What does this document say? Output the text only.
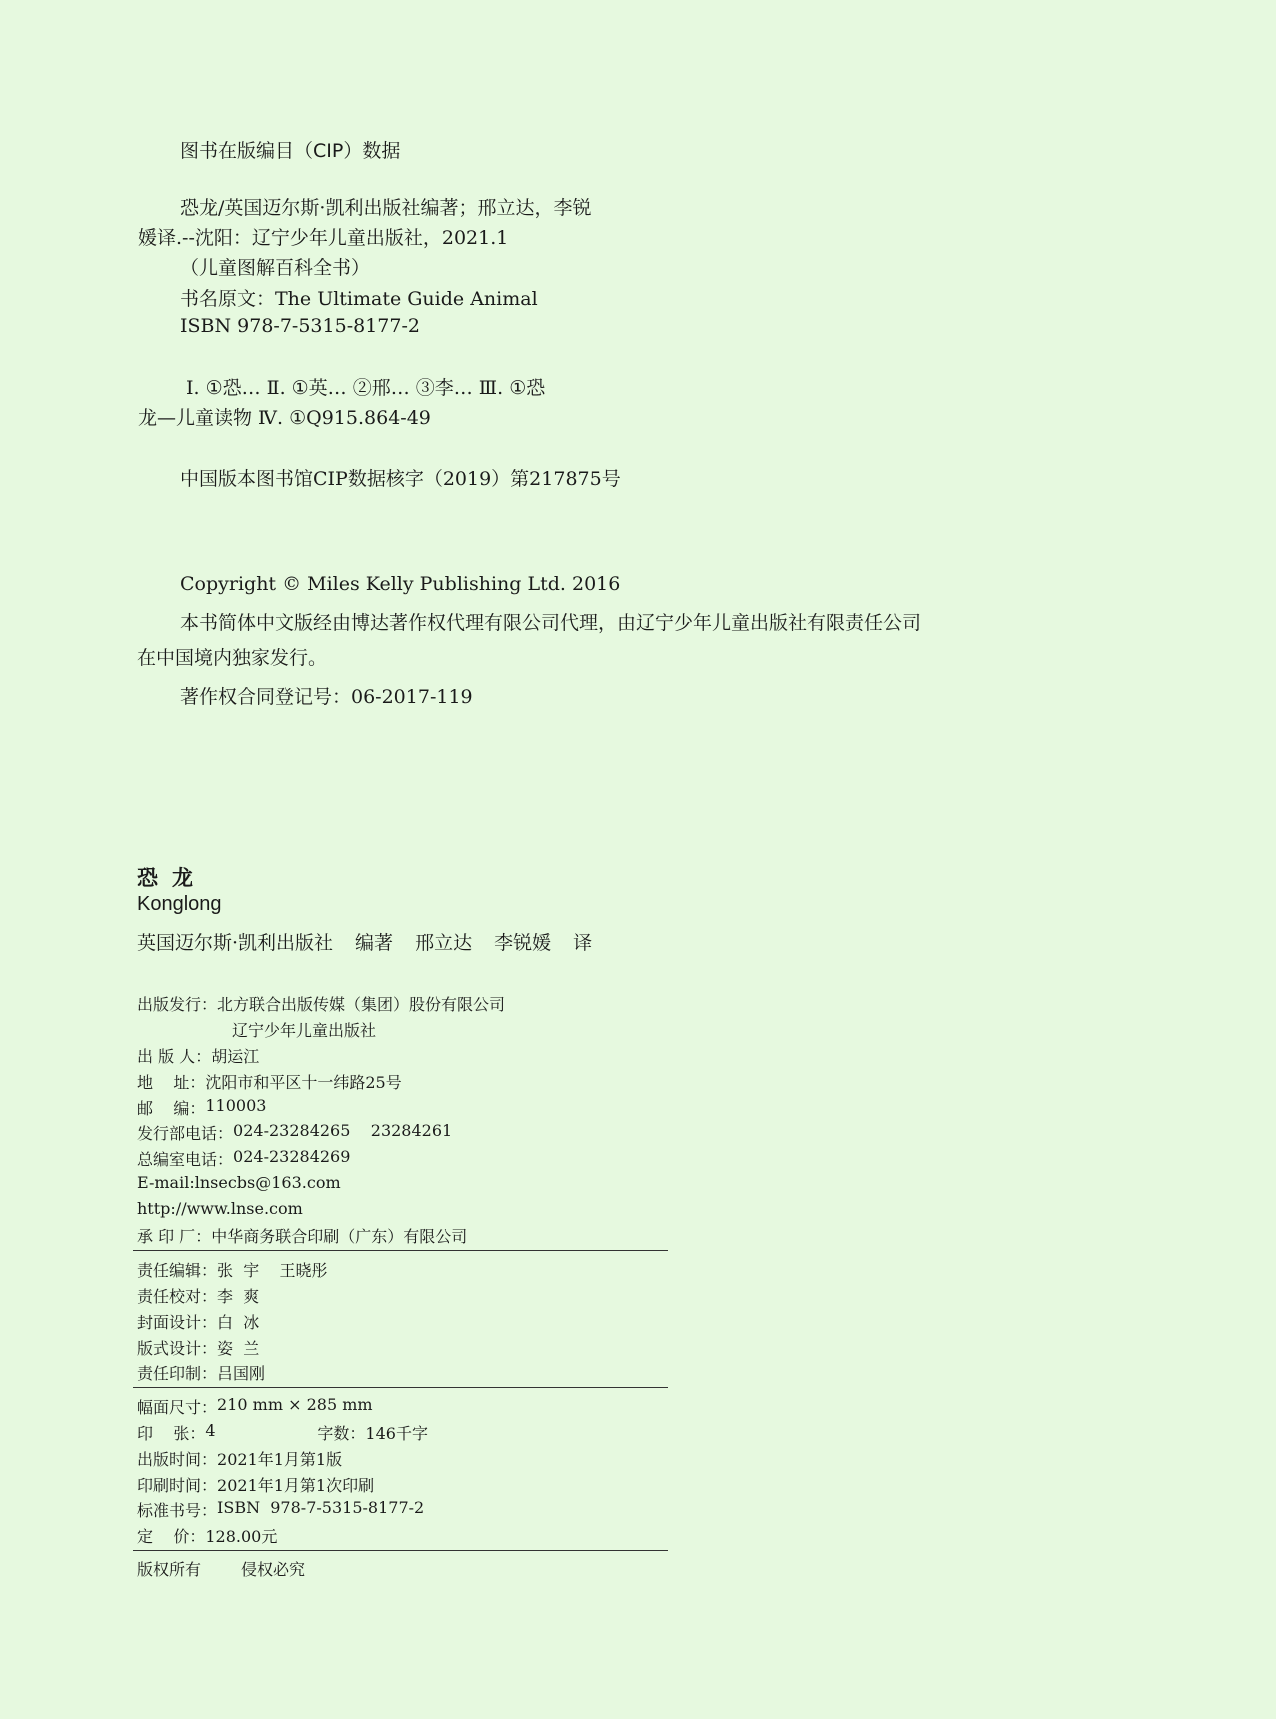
图书在版编目（CIP）数据
恐龙/英国迈尔斯·凯利出版社编著；邢立达，李锐
媛译.--沈阳：辽宁少年儿童出版社，2021.1
（儿童图解百科全书）
书名原文：The Ultimate Guide Animal
ISBN 978-7-5315-8177-2
Ⅰ. ①恐… Ⅱ. ①英… ②邢… ③李… Ⅲ. ①恐
龙—儿童读物 Ⅳ. ①Q915.864-49
中国版本图书馆CIP数据核字（2019）第217875号
Copyright © Miles Kelly Publishing Ltd. 2016
本书简体中文版经由博达著作权代理有限公司代理，由辽宁少年儿童出版社有限责任公司
在中国境内独家发行。
著作权合同登记号：06-2017-119
恐龙
Konglong
英国迈尔斯·凯利出版社 编著 邢立达 李锐媛 译
出版发行 ： 北方联合出版传媒（集团）股份有限公司
辽宁少年儿童出版社
出 版 人 ： 胡运江
地    址 ： 沈阳市和平区十一纬路25号
邮    编 ： 110003
发行部电话 ： 024-23284265    23284261
总编室电话 ： 024-23284269
E-mail:lnsecbs@163.com
http://www.lnse.com
承 印 厂 ： 中华商务联合印刷（广东）有限公司
责任编辑 ： 张  宇    王晓彤
责任校对 ： 李  爽
封面设计 ： 白  冰
版式设计 ： 姿  兰
责任印制 ： 吕国刚
幅面尺寸 ： 210 mm × 285 mm
印    张 ： 4	字数 ： 146千字
出版时间 ： 2021年1月第1版
印刷时间 ： 2021年1月第1次印刷
标准书号 ： ISBN  978-7-5315-8177-2
定    价 ： 128.00元
版权所有	侵权必究
